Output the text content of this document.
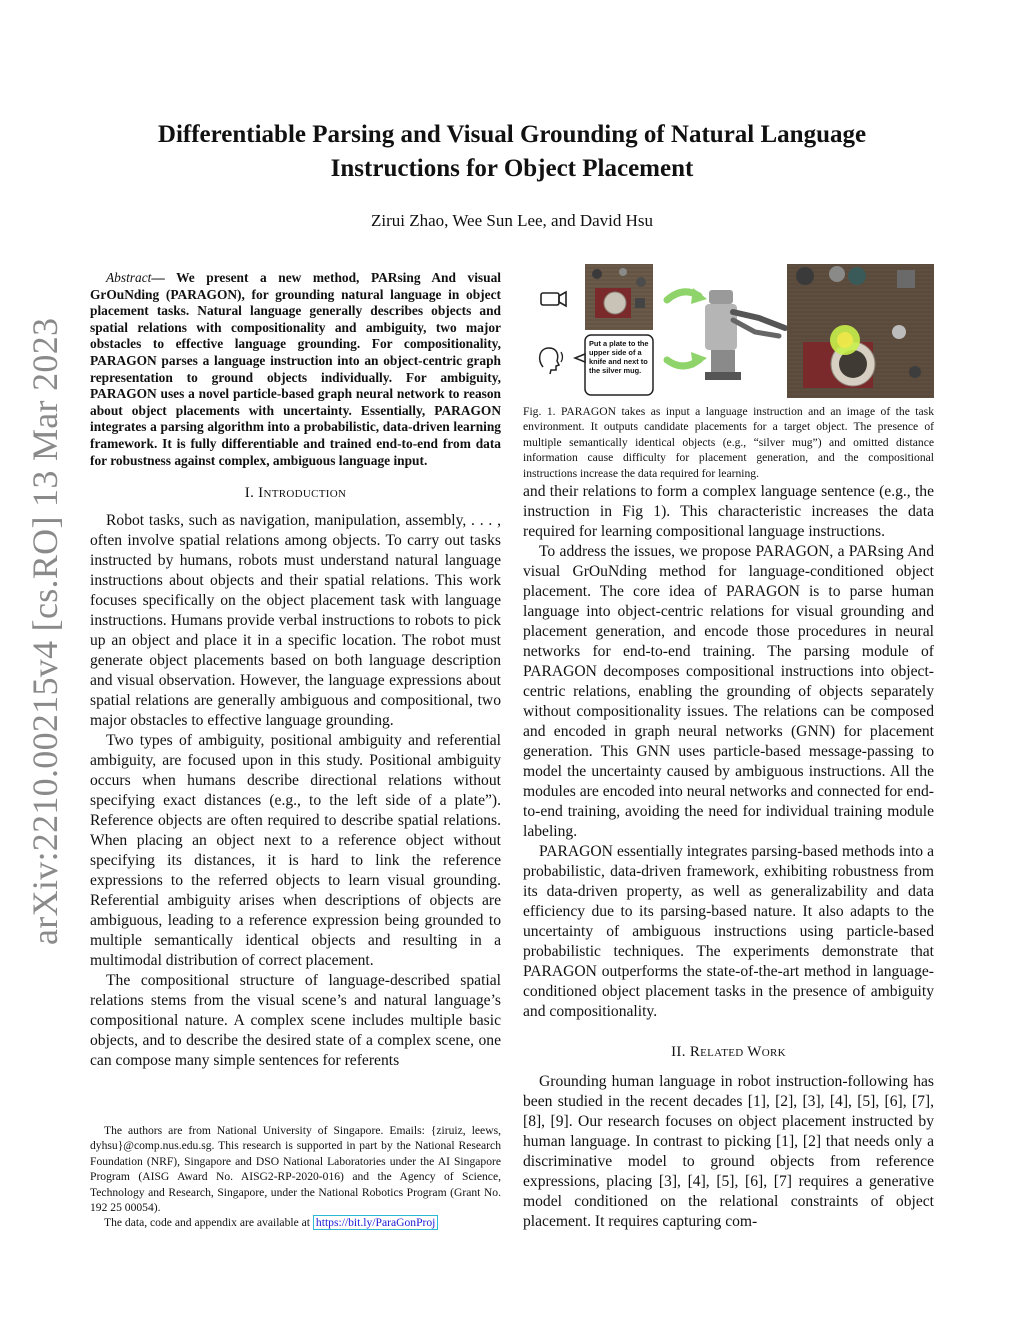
arXiv:2210.00215v4 [cs.RO] 13 Mar 2023
Differentiable Parsing and Visual Grounding of Natural Language
Instructions for Object Placement
Zirui Zhao, Wee Sun Lee, and David Hsu

Abstract— We present a new method, PARsing And visual GrOuNding (PARAGON), for grounding natural language in object placement tasks. Natural language generally describes objects and spatial relations with compositionality and ambiguity, two major obstacles to effective language grounding. For compositionality, PARAGON parses a language instruction into an object-centric graph representation to ground objects individually. For ambiguity, PARAGON uses a novel particle-based graph neural network to reason about object placements with uncertainty. Essentially, PARAGON integrates a parsing algorithm into a probabilistic, data-driven learning framework. It is fully differentiable and trained end-to-end from data for robustness against complex, ambiguous language input.

I. Introduction

Robot tasks, such as navigation, manipulation, assembly, . . . , often involve spatial relations among objects. To carry out tasks instructed by humans, robots must understand natural language instructions about objects and their spatial relations. This work focuses specifically on the object placement task with language instructions. Humans provide verbal instructions to robots to pick up an object and place it in a specific location. The robot must generate object placements based on both language description and visual observation. However, the language expressions about spatial relations are generally ambiguous and compositional, two major obstacles to effective language grounding.

Two types of ambiguity, positional ambiguity and referential ambiguity, are focused upon in this study. Positional ambiguity occurs when humans describe directional relations without specifying exact distances (e.g., to the left side of a plate”). Reference objects are often required to describe spatial relations. When placing an object next to a reference object without specifying its distances, it is hard to link the reference expressions to the referred objects to learn visual grounding. Referential ambiguity arises when descriptions of objects are ambiguous, leading to a reference expression being grounded to multiple semantically identical objects and resulting in a multimodal distribution of correct placement.

The compositional structure of language-described spatial relations stems from the visual scene’s and natural language’s compositional nature. A complex scene includes multiple basic objects, and to describe the desired state of a complex scene, one can compose many simple sentences for referents

The authors are from National University of Singapore. Emails: {ziruiz, leews, dyhsu}@comp.nus.edu.sg. This research is supported in part by the National Research Foundation (NRF), Singapore and DSO National Laboratories under the AI Singapore Program (AISG Award No. AISG2-RP-2020-016) and the Agency of Science, Technology and Research, Singapore, under the National Robotics Program (Grant No. 192 25 00054).

The data, code and appendix are available at https://bit.ly/ParaGonProj

Put a plate to the upper side of a knife and next to the silver mug.
Fig. 1. PARAGON takes as input a language instruction and an image of the task environment. It outputs candidate placements for a target object. The presence of multiple semantically identical objects (e.g., “silver mug”) and omitted distance information cause difficulty for placement generation, and the compositional instructions increase the data required for learning.

and their relations to form a complex language sentence (e.g., the instruction in Fig 1). This characteristic increases the data required for learning compositional language instructions.

To address the issues, we propose PARAGON, a PARsing And visual GrOuNding method for language-conditioned object placement. The core idea of PARAGON is to parse human language into object-centric relations for visual grounding and placement generation, and encode those procedures in neural networks for end-to-end training. The parsing module of PARAGON decomposes compositional instructions into object-centric relations, enabling the grounding of objects separately without compositionality issues. The relations can be composed and encoded in graph neural networks (GNN) for placement generation. This GNN uses particle-based message-passing to model the uncertainty caused by ambiguous instructions. All the modules are encoded into neural networks and connected for end-to-end training, avoiding the need for individual training module labeling.

PARAGON essentially integrates parsing-based methods into a probabilistic, data-driven framework, exhibiting robustness from its data-driven property, as well as generalizability and data efficiency due to its parsing-based nature. It also adapts to the uncertainty of ambiguous instructions using particle-based probabilistic techniques. The experiments demonstrate that PARAGON outperforms the state-of-the-art method in language-conditioned object placement tasks in the presence of ambiguity and compositionality.

II. Related Work

Grounding human language in robot instruction-following has been studied in the recent decades [1], [2], [3], [4], [5], [6], [7], [8], [9]. Our research focuses on object placement instructed by human language. In contrast to picking [1], [2] that needs only a discriminative model to ground objects from reference expressions, placing [3], [4], [5], [6], [7] requires a generative model conditioned on the relational constraints of object placement. It requires capturing com-
